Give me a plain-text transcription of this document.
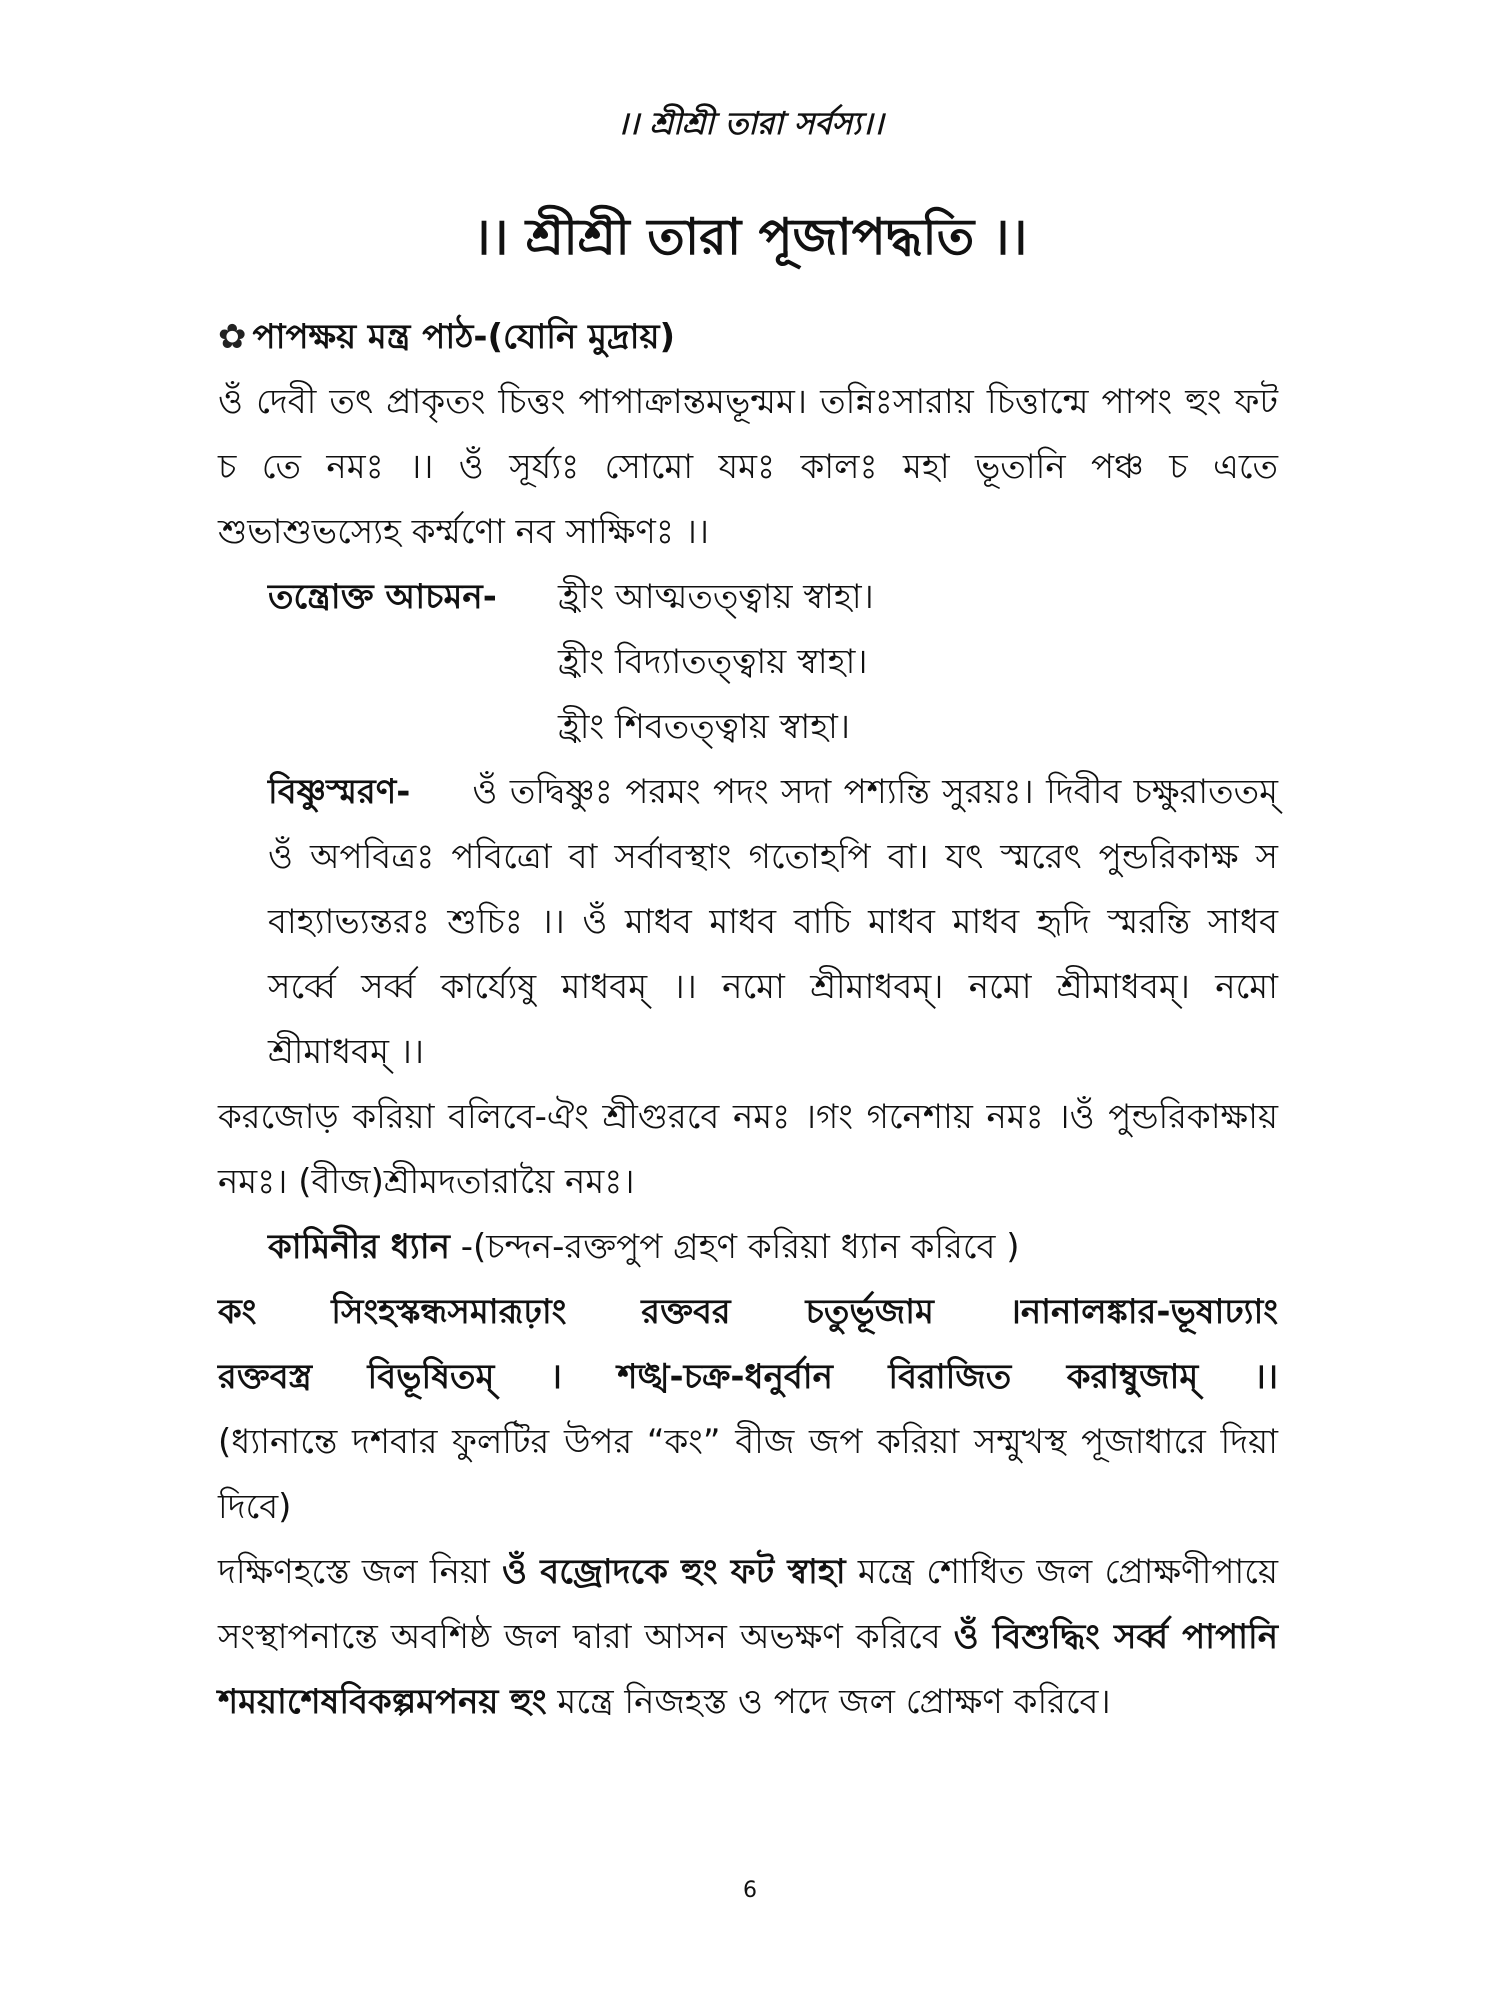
।। শ্রীশ্রী তারা সর্বস্য।।
।। শ্রীশ্রী তারা পূজাপদ্ধতি ।।

✿ পাপক্ষয় মন্ত্র পাঠ-(যোনি মুদ্রায়)

ওঁ দেবী তৎ প্রাকৃতং চিত্তং পাপাক্রান্তমভূন্মম। তন্নিঃসারায় চিত্তান্মে পাপং হুং ফট চ তে নমঃ ।। ওঁ সূর্য্যঃ সোমো যমঃ কালঃ মহা ভূতানি পঞ্চ চ এতে শুভাশুভস্যেহ কর্ম্মণো নব সাক্ষিণঃ ।।

তন্ত্রোক্ত আচমন-	হ্রীং আত্মতত্ত্বায় স্বাহা।
হ্রীং বিদ্যাতত্ত্বায় স্বাহা।
হ্রীং শিবতত্ত্বায় স্বাহা।

বিষ্ণুস্মরণ- ওঁ তদ্বিষ্ণুঃ পরমং পদং সদা পশ্যন্তি সুরয়ঃ। দিবীব চক্ষুরাততম্ ওঁ অপবিত্রঃ পবিত্রো বা সর্বাবস্থাং গতোহপি বা। যৎ স্মরেৎ পুন্ডরিকাক্ষ স বাহ্যাভ্যন্তরঃ শুচিঃ ।। ওঁ মাধব মাধব বাচি মাধব মাধব হৃদি স্মরন্তি সাধব সর্ব্বে সর্ব্ব কার্য্যেষু মাধবম্ ।। নমো শ্রীমাধবম্। নমো শ্রীমাধবম্। নমো শ্রীমাধবম্ ।।

করজোড় করিয়া বলিবে-ঐং শ্রীগুরবে নমঃ ।গং গনেশায় নমঃ ।ওঁ পুন্ডরিকাক্ষায় নমঃ। (বীজ)শ্রীমদতারায়ৈ নমঃ।

কামিনীর ধ্যান -(চন্দন-রক্তপুপ গ্রহণ করিয়া ধ্যান করিবে )

কং সিংহস্কন্ধসমারূঢ়াং রক্তবর চতুর্ভূজাম ।নানালঙ্কার-ভূষাঢ্যাং

রক্তবস্ত্র বিভূষিতম্ । শঙ্খ-চক্র-ধনুর্বান বিরাজিত করাম্বুজাম্ ।।

(ধ্যানান্তে দশবার ফুলটির উপর “কং” বীজ জপ করিয়া সম্মুখস্থ পূজাধারে দিয়া দিবে)

দক্ষিণহস্তে জল নিয়া ওঁ বজ্রোদকে হুং ফট স্বাহা মন্ত্রে শোধিত জল প্রোক্ষণীপায়ে সংস্থাপনান্তে অবশিষ্ঠ জল দ্বারা আসন অভক্ষণ করিবে ওঁ বিশুদ্ধিং সর্ব্ব পাপানি শময়াশেষবিকল্পমপনয় হুং মন্ত্রে নিজহস্ত ও পদে জল প্রোক্ষণ করিবে।

6
